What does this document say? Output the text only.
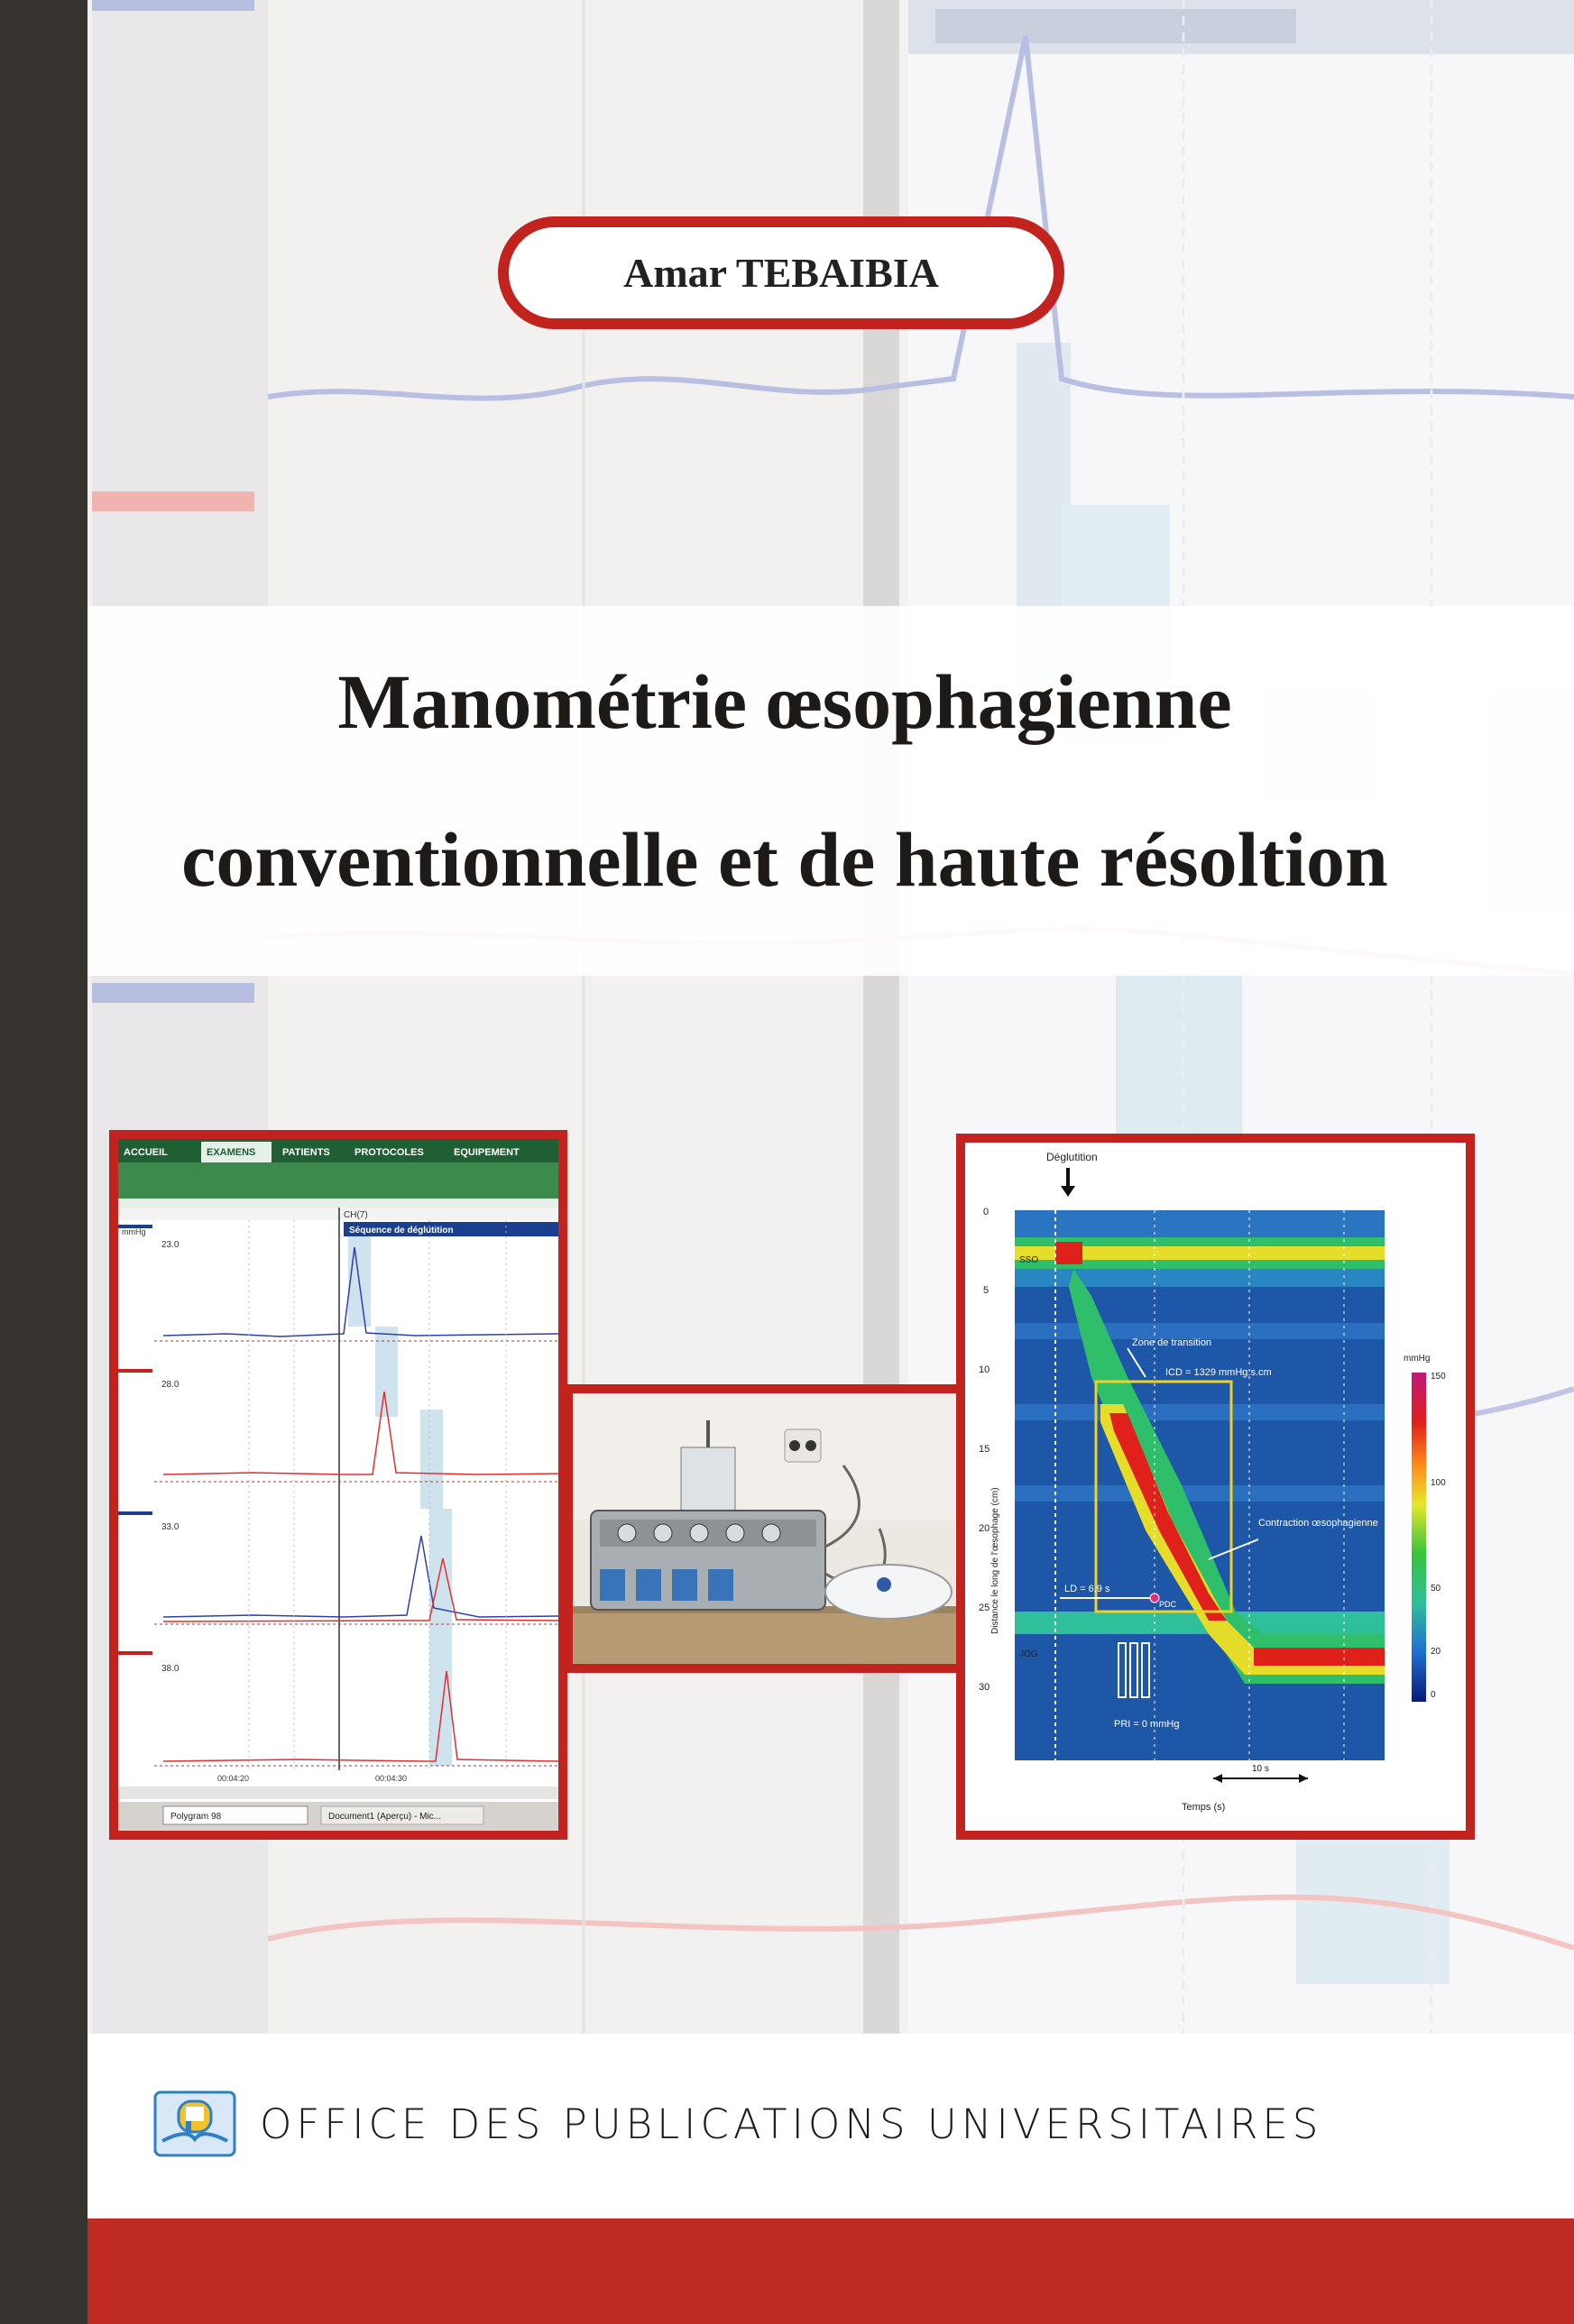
Amar TEBAIBIA
Manométrie œsophagienne
conventionnelle et de haute résoltion
ACCUEIL	EXAMENS	PATIENTS PROTOCOLES	EQUIPEMENT
CH(7)
Séquence de déglutition
mmHg
23.0
28.0
33.0
38.0
00:04:20	00:04:30
Polygram 98	Document1 (Aperçu) - Mic...
Déglutition
Zone de transition
ICD = 1329 mmHg.s.cm
Contraction œsophagienne
LD = 6,9 s
PDC
SSO
JOG
PRI = 0 mmHg
10 s
Temps (s)
0
5
10
15
20
25
30
Distance le long de l'œsophage (cm)
mmHg
150
100
50
20
0
OFFICE DES PUBLICATIONS UNIVERSITAIRES
